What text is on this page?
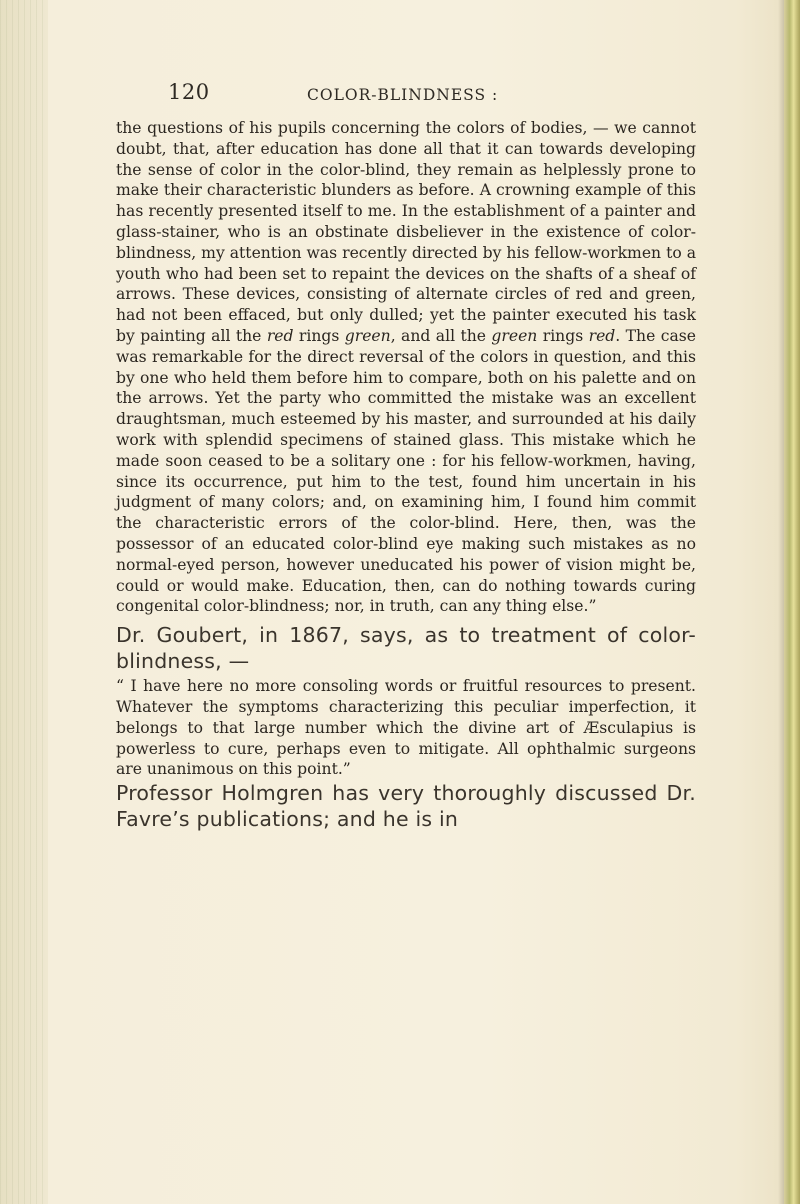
120	COLOR-BLINDNESS :

the questions of his pupils concerning the colors of bodies, — we cannot doubt, that, after education has done all that it can towards developing the sense of color in the color-blind, they remain as helplessly prone to make their characteristic blunders as before. A crowning example of this has recently presented itself to me. In the establishment of a painter and glass-stainer, who is an obstinate disbeliever in the existence of color-blindness, my attention was recently directed by his fellow-workmen to a youth who had been set to repaint the devices on the shafts of a sheaf of arrows. These devices, consisting of alternate circles of red and green, had not been effaced, but only dulled; yet the painter executed his task by painting all the red rings green, and all the green rings red. The case was remarkable for the direct reversal of the colors in question, and this by one who held them before him to compare, both on his palette and on the arrows. Yet the party who committed the mistake was an excellent draughtsman, much esteemed by his master, and surrounded at his daily work with splendid specimens of stained glass. This mistake which he made soon ceased to be a solitary one : for his fellow-workmen, having, since its occurrence, put him to the test, found him uncertain in his judgment of many colors; and, on examining him, I found him commit the characteristic errors of the color-blind. Here, then, was the possessor of an educated color-blind eye making such mistakes as no normal-eyed person, however uneducated his power of vision might be, could or would make. Education, then, can do nothing towards curing congenital color-blindness; nor, in truth, can any thing else.”

Dr. Goubert, in 1867, says, as to treatment of color-blindness, —

“ I have here no more consoling words or fruitful resources to present. Whatever the symptoms characterizing this peculiar imperfection, it belongs to that large number which the divine art of Æsculapius is powerless to cure, perhaps even to mitigate. All ophthalmic surgeons are unanimous on this point.”

Professor Holmgren has very thoroughly discussed Dr. Favre’s publications; and he is in
